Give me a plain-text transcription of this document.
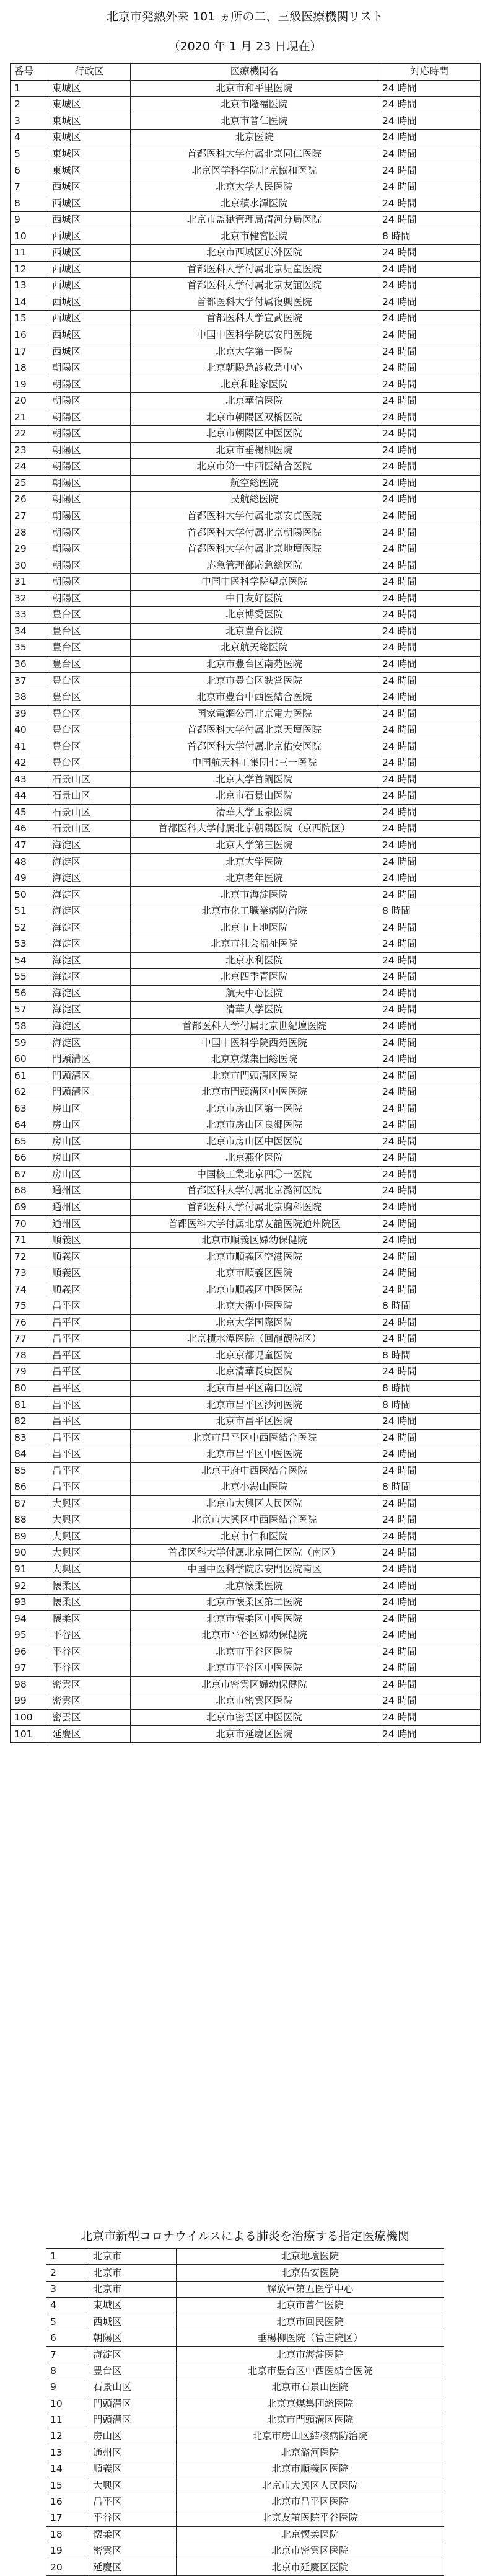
北京市発熱外来 101 ヵ所の二、三級医療機関リスト
（2020 年 1 月 23 日現在）
番号	行政区	医療機関名	対応時間
1	東城区	北京市和平里医院	24 時間
2	東城区	北京市隆福医院	24 時間
3	東城区	北京市普仁医院	24 時間
4	東城区	北京医院	24 時間
5	東城区	首都医科大学付属北京同仁医院	24 時間
6	東城区	北京医学科学院北京協和医院	24 時間
7	西城区	北京大学人民医院	24 時間
8	西城区	北京積水潭医院	24 時間
9	西城区	北京市監獄管理局清河分局医院	24 時間
10	西城区	北京市健宮医院	8 時間
11	西城区	北京市西城区広外医院	24 時間
12	西城区	首都医科大学付属北京児童医院	24 時間
13	西城区	首都医科大学付属北京友誼医院	24 時間
14	西城区	首都医科大学付属復興医院	24 時間
15	西城区	首都医科大学宣武医院	24 時間
16	西城区	中国中医科学院広安門医院	24 時間
17	西城区	北京大学第一医院	24 時間
18	朝陽区	北京朝陽急診救急中心	24 時間
19	朝陽区	北京和睦家医院	24 時間
20	朝陽区	北京華信医院	24 時間
21	朝陽区	北京市朝陽区双橋医院	24 時間
22	朝陽区	北京市朝陽区中医医院	24 時間
23	朝陽区	北京市垂楊柳医院	24 時間
24	朝陽区	北京市第一中西医結合医院	24 時間
25	朝陽区	航空総医院	24 時間
26	朝陽区	民航総医院	24 時間
27	朝陽区	首都医科大学付属北京安貞医院	24 時間
28	朝陽区	首都医科大学付属北京朝陽医院	24 時間
29	朝陽区	首都医科大学付属北京地壇医院	24 時間
30	朝陽区	応急管理部応急総医院	24 時間
31	朝陽区	中国中医科学院望京医院	24 時間
32	朝陽区	中日友好医院	24 時間
33	豊台区	北京博愛医院	24 時間
34	豊台区	北京豊台医院	24 時間
35	豊台区	北京航天総医院	24 時間
36	豊台区	北京市豊台区南苑医院	24 時間
37	豊台区	北京市豊台区鉄営医院	24 時間
38	豊台区	北京市豊台中西医結合医院	24 時間
39	豊台区	国家電網公司北京電力医院	24 時間
40	豊台区	首都医科大学付属北京天壇医院	24 時間
41	豊台区	首都医科大学付属北京佑安医院	24 時間
42	豊台区	中国航天科工集団七三一医院	24 時間
43	石景山区	北京大学首鋼医院	24 時間
44	石景山区	北京市石景山医院	24 時間
45	石景山区	清華大学玉泉医院	24 時間
46	石景山区	首都医科大学付属北京朝陽医院（京西院区）	24 時間
47	海淀区	北京大学第三医院	24 時間
48	海淀区	北京大学医院	24 時間
49	海淀区	北京老年医院	24 時間
50	海淀区	北京市海淀医院	24 時間
51	海淀区	北京市化工職業病防治院	8 時間
52	海淀区	北京市上地医院	24 時間
53	海淀区	北京市社会福祉医院	24 時間
54	海淀区	北京水利医院	24 時間
55	海淀区	北京四季青医院	24 時間
56	海淀区	航天中心医院	24 時間
57	海淀区	清華大学医院	24 時間
58	海淀区	首都医科大学付属北京世紀壇医院	24 時間
59	海淀区	中国中医科学院西苑医院	24 時間
60	門頭溝区	北京京煤集団総医院	24 時間
61	門頭溝区	北京市門頭溝区医院	24 時間
62	門頭溝区	北京市門頭溝区中医医院	24 時間
63	房山区	北京市房山区第一医院	24 時間
64	房山区	北京市房山区良郷医院	24 時間
65	房山区	北京市房山区中医医院	24 時間
66	房山区	北京燕化医院	24 時間
67	房山区	中国核工業北京四〇一医院	24 時間
68	通州区	首都医科大学付属北京潞河医院	24 時間
69	通州区	首都医科大学付属北京胸科医院	24 時間
70	通州区	首都医科大学付属北京友誼医院通州院区	24 時間
71	順義区	北京市順義区婦幼保健院	24 時間
72	順義区	北京市順義区空港医院	24 時間
73	順義区	北京市順義区医院	24 時間
74	順義区	北京市順義区中医医院	24 時間
75	昌平区	北京大衛中医医院	8 時間
76	昌平区	北京大学国際医院	24 時間
77	昌平区	北京積水潭医院（回龍観院区）	24 時間
78	昌平区	北京京都児童医院	8 時間
79	昌平区	北京清華長庚医院	24 時間
80	昌平区	北京市昌平区南口医院	8 時間
81	昌平区	北京市昌平区沙河医院	8 時間
82	昌平区	北京市昌平区医院	24 時間
83	昌平区	北京市昌平区中西医結合医院	24 時間
84	昌平区	北京市昌平区中医医院	24 時間
85	昌平区	北京王府中西医結合医院	24 時間
86	昌平区	北京小湯山医院	8 時間
87	大興区	北京市大興区人民医院	24 時間
88	大興区	北京市大興区中西医結合医院	24 時間
89	大興区	北京市仁和医院	24 時間
90	大興区	首都医科大学付属北京同仁医院（南区）	24 時間
91	大興区	中国中医科学院広安門医院南区	24 時間
92	懐柔区	北京懐柔医院	24 時間
93	懐柔区	北京市懐柔区第二医院	24 時間
94	懐柔区	北京市懐柔区中医医院	24 時間
95	平谷区	北京市平谷区婦幼保健院	24 時間
96	平谷区	北京市平谷区医院	24 時間
97	平谷区	北京市平谷区中医医院	24 時間
98	密雲区	北京市密雲区婦幼保健院	24 時間
99	密雲区	北京市密雲区医院	24 時間
100	密雲区	北京市密雲区中医医院	24 時間
101	延慶区	北京市延慶区医院	24 時間
北京市新型コロナウイルスによる肺炎を治療する指定医療機関
1	北京市	北京地壇医院
2	北京市	北京佑安医院
3	北京市	解放軍第五医学中心
4	東城区	北京市普仁医院
5	西城区	北京市回民医院
6	朝陽区	垂楊柳医院（管庄院区）
7	海淀区	北京市海淀医院
8	豊台区	北京市豊台区中西医結合医院
9	石景山区	北京市石景山医院
10	門頭溝区	北京京煤集団総医院
11	門頭溝区	北京市門頭溝区医院
12	房山区	北京市房山区結核病防治院
13	通州区	北京潞河医院
14	順義区	北京市順義区医院
15	大興区	北京市大興区人民医院
16	昌平区	北京市昌平区医院
17	平谷区	北京友誼医院平谷医院
18	懐柔区	北京懐柔医院
19	密雲区	北京市密雲区医院
20	延慶区	北京市延慶区医院
